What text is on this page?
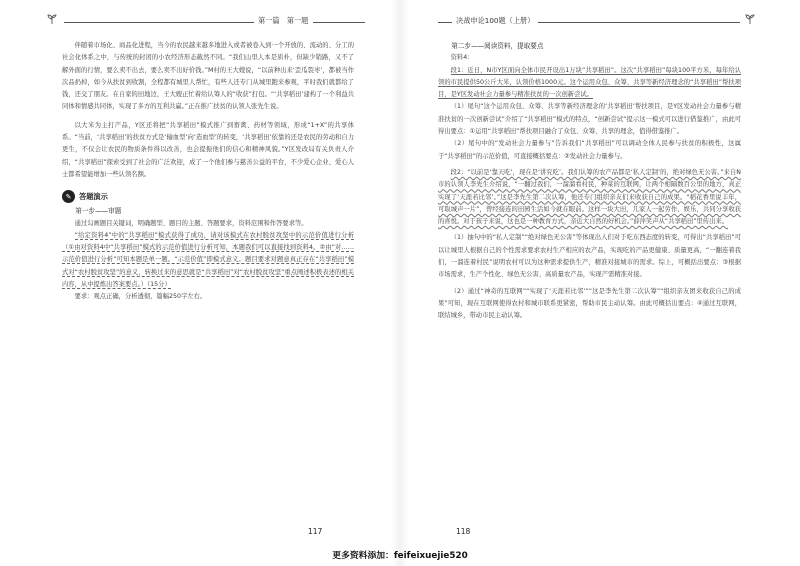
第一篇　第一题	决战申论100题（上册）

伴随着市场化、商品化进程，当今的农民越来越多地进入或者被卷入到一个开放的、流动的、分工的社会化体系之中，与传统的封闭的小农经济形态截然不同。“我们山里人本是质朴，但缺少销路，又不了解外面的行情，要么卖不出去，要么卖不出好价钱。”M村的王大嫂说，“以前种出来‘歪瓜裂枣’，都被当作次品扔掉，如今从扶贫到收割，全程都有城里人帮忙，有些人还专门从城里跑来参观，平时我们就都给了钱，还交了朋友。在自家的田地边，王大嫂正忙着给认筹人的“收获”打包。“‘共享稻田’建构了一个利益共同体和情感共同体，实现了多方的互利共赢。”正在推广扶贫的认领人张先生说。

以大米为主打产品，Y区还将把“共享稻田”模式推广到畜禽、药材等领域，形成“1+X”的共享体系。“当前，‘共享稻田’的扶贫方式是‘输血型’向‘造血型’的转变，‘共享稻田’依靠的还是农民的劳动和自力更生，不仅会让农民的物质条件得以改善，也会提振他们的信心和精神风貌。”Y区发改局有关负责人介绍，“共享稻田”探索受到了社会的广泛欢迎，成了一个他们参与慈善公益的平台，不少爱心企业、爱心人士都希望能增加一些认领名额。

✎	答题演示

第一步——审题

通过勾画题目关键词，明确题型、题目的主题、答题要求，资料范围和作答要求等。

“给定资料4”中的“共享稻田”模式获得了成功，请对该模式在农村脱贫攻坚中的示范价值进行分析（①由对资料4中“共享稻田”模式的示范价值进行分析可知，本题我们可以直接找到资料4。②由“对……示范价值进行分析”可知本题是单一题。“示范价值”即模式意义。题目要求对题意真正存在“共享稻田”模式对“农村脱贫攻坚”的意义，转换过来的意思就是“共享稻田”对“农村脱贫攻坚”重点阐述积极表述的相关内容，从中提炼出答案要点。）（15分）

要求：观点正确，分析透彻，篇幅250字左右。

117

第二步——阅读资料，提取要点

资料4：

段1：近日，N市Y区面向全体市民开设出1万块“共享稻田”。这次“共享稻田”每块100平方米，每年给认领的市民提供50公斤大米，认领价格1000元。这个运用众包、众筹、共享等新经济理念的“共享稻田”帮扶项目，是Y区发动社会力量参与精准扶贫的一次创新尝试。

（1）尾句“这个运用众包、众筹、共享等新经济理念的‘共享稻田’帮扶项目，是Y区发动社会力量参与精准扶贫的一次创新尝试”介绍了“共享稻田”模式的特点，“创新尝试”提示这一模式可以进行借鉴推广，由此可得出要点：①运用“共享稻田”帮扶项目融合了众包、众筹、共享的理念，值得借鉴推广。

（2）尾句中的“发动社会力量参与”告诉我们“共享稻田”可以调动全体人民参与扶贫的积极性，这属于“共享稻田”的示范价值，可直接概括要点：②发动社会力量参与。

段2：“以前是‘靠天吃’，现在是‘讲究吃’。我们认筹的农产品都是‘私人定制’的，绝对绿色无公害。”来自N市的认领人李先生介绍说，“一翻过我们，一溜溜看村民，种菜的互联网，让两个相隔数百公里的地方，真正实现了‘天涯若比邻’。”这是李先生第二次认筹，他还专门组织亲友们来收获自己的成果。“稻花香里说丰年，可取城声一片”，曾经接连的田园生活如今就在眼前。这样一块大田，几家人一起劳作、娱乐，共同分享收获的喜悦。对于孩子来说，这也是一种教育方式，亲近大自然的好机会。”薛萍笑声从“共享稻田”里传出来。

（1）抽句中的“私人定制”“绝对绿色无公害”等体现出人们对于吃东西态度的转变，可得出“共享稻田”可以让城里人根据自己的个性需求要求农村生产相应的农产品，实现吃的产品更健康、质量更高，“一翻连着我们，一溜连着村民”说明农村可以为这种需求提供生产，精准对接城市的需求。综上，可概括出要点：③根据市场需求，生产个性化、绿色无公害、高质量农产品，实现产需精准对接。

（2）通过“神奇的互联网”“实现了‘天涯若比邻’”“这是李先生第二次认筹”“组织亲友团来收获自己的成果”可知，现在互联网使得农村和城市联系更紧密，帮助市民主动认筹。由此可概括出要点：④通过互联网，联结城乡，带动市民主动认筹。

118
更多资料添加：feifeixuejie520
